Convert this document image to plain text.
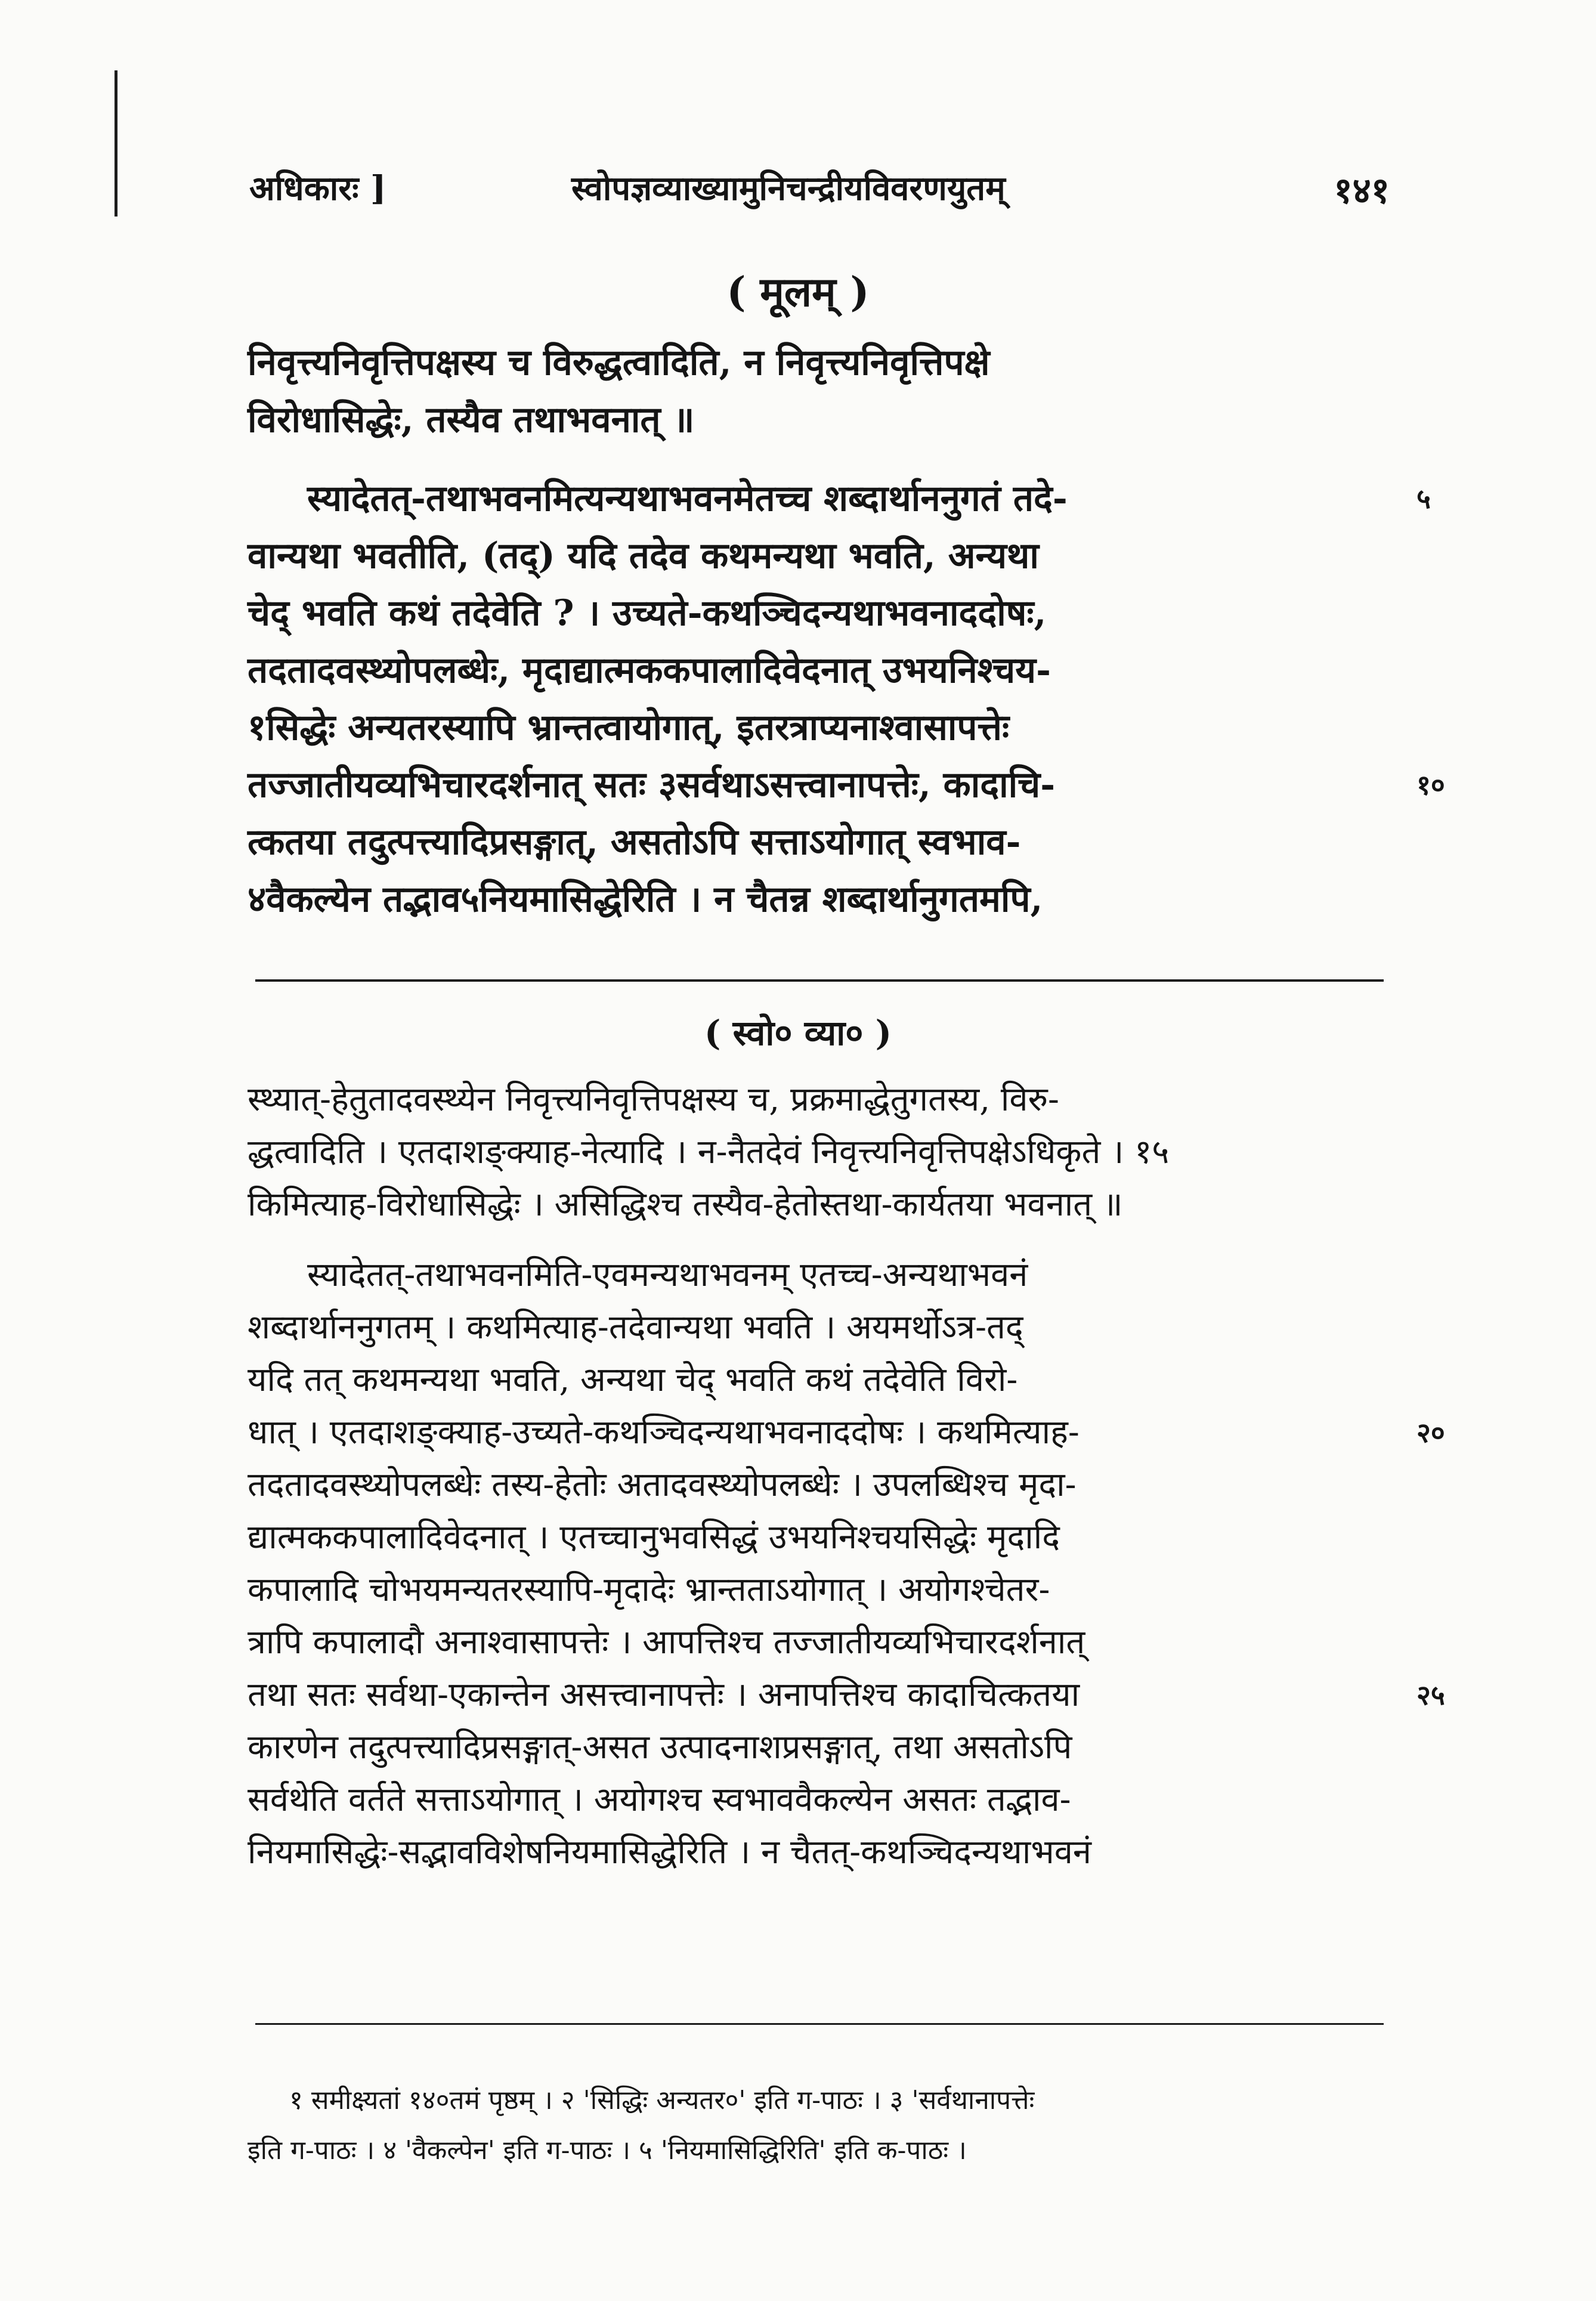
अधिकारः ]	स्वोपज्ञव्याख्यामुनिचन्द्रीयविवरणयुतम्	१४१
( मूलम् )
निवृत्त्यनिवृत्तिपक्षस्य च विरुद्धत्वादिति, न निवृत्त्यनिवृत्तिपक्षे
विरोधासिद्धेः, तस्यैव तथाभवनात् ॥
स्यादेतत्-तथाभवनमित्यन्यथाभवनमेतच्च शब्दार्थाननुगतं तदे-	५
वान्यथा भवतीति, (तद्) यदि तदेव कथमन्यथा भवति, अन्यथा
चेद् भवति कथं तदेवेति ? । उच्यते-कथञ्चिदन्यथाभवनाददोषः,
तदतादवस्थ्योपलब्धेः, मृदाद्यात्मककपालादिवेदनात् उभयनिश्चय-
१सिद्धेः अन्यतरस्यापि भ्रान्तत्वायोगात्, इतरत्राप्यनाश्वासापत्तेः
तज्जातीयव्यभिचारदर्शनात् सतः ३सर्वथाऽसत्त्वानापत्तेः, कादाचि-	१०
त्कतया तदुत्पत्त्यादिप्रसङ्गात्, असतोऽपि सत्ताऽयोगात् स्वभाव-
४वैकल्येन तद्भाव५नियमासिद्धेरिति । न चैतन्न शब्दार्थानुगतमपि,
( स्वो० व्या० )
स्थ्यात्-हेतुतादवस्थ्येन निवृत्त्यनिवृत्तिपक्षस्य च, प्रक्रमाद्धेतुगतस्य, विरु-
द्धत्वादिति । एतदाशङ्क्याह-नेत्यादि । न-नैतदेवं निवृत्त्यनिवृत्तिपक्षेऽधिकृते । १५
किमित्याह-विरोधासिद्धेः । असिद्धिश्च तस्यैव-हेतोस्तथा-कार्यतया भवनात् ॥
स्यादेतत्-तथाभवनमिति-एवमन्यथाभवनम् एतच्च-अन्यथाभवनं
शब्दार्थाननुगतम् । कथमित्याह-तदेवान्यथा भवति । अयमर्थोऽत्र-तद्
यदि तत् कथमन्यथा भवति, अन्यथा चेद् भवति कथं तदेवेति विरो-
धात् । एतदाशङ्क्याह-उच्यते-कथञ्चिदन्यथाभवनाददोषः । कथमित्याह-	२०
तदतादवस्थ्योपलब्धेः तस्य-हेतोः अतादवस्थ्योपलब्धेः । उपलब्धिश्च मृदा-
द्यात्मककपालादिवेदनात् । एतच्चानुभवसिद्धं उभयनिश्चयसिद्धेः मृदादि
कपालादि चोभयमन्यतरस्यापि-मृदादेः भ्रान्तताऽयोगात् । अयोगश्चेतर-
त्रापि कपालादौ अनाश्वासापत्तेः । आपत्तिश्च तज्जातीयव्यभिचारदर्शनात्
तथा सतः सर्वथा-एकान्तेन असत्त्वानापत्तेः । अनापत्तिश्च कादाचित्कतया	२५
कारणेन तदुत्पत्त्यादिप्रसङ्गात्-असत उत्पादनाशप्रसङ्गात्, तथा असतोऽपि
सर्वथेति वर्तते सत्ताऽयोगात् । अयोगश्च स्वभाववैकल्येन असतः तद्भाव-
नियमासिद्धेः-सद्भावविशेषनियमासिद्धेरिति । न चैतत्-कथञ्चिदन्यथाभवनं
१ समीक्ष्यतां १४०तमं पृष्ठम् । २ 'सिद्धिः अन्यतर०' इति ग-पाठः । ३ 'सर्वथानापत्तेः
इति ग-पाठः । ४ 'वैकल्पेन' इति ग-पाठः । ५ 'नियमासिद्धिरिति' इति क-पाठः ।
